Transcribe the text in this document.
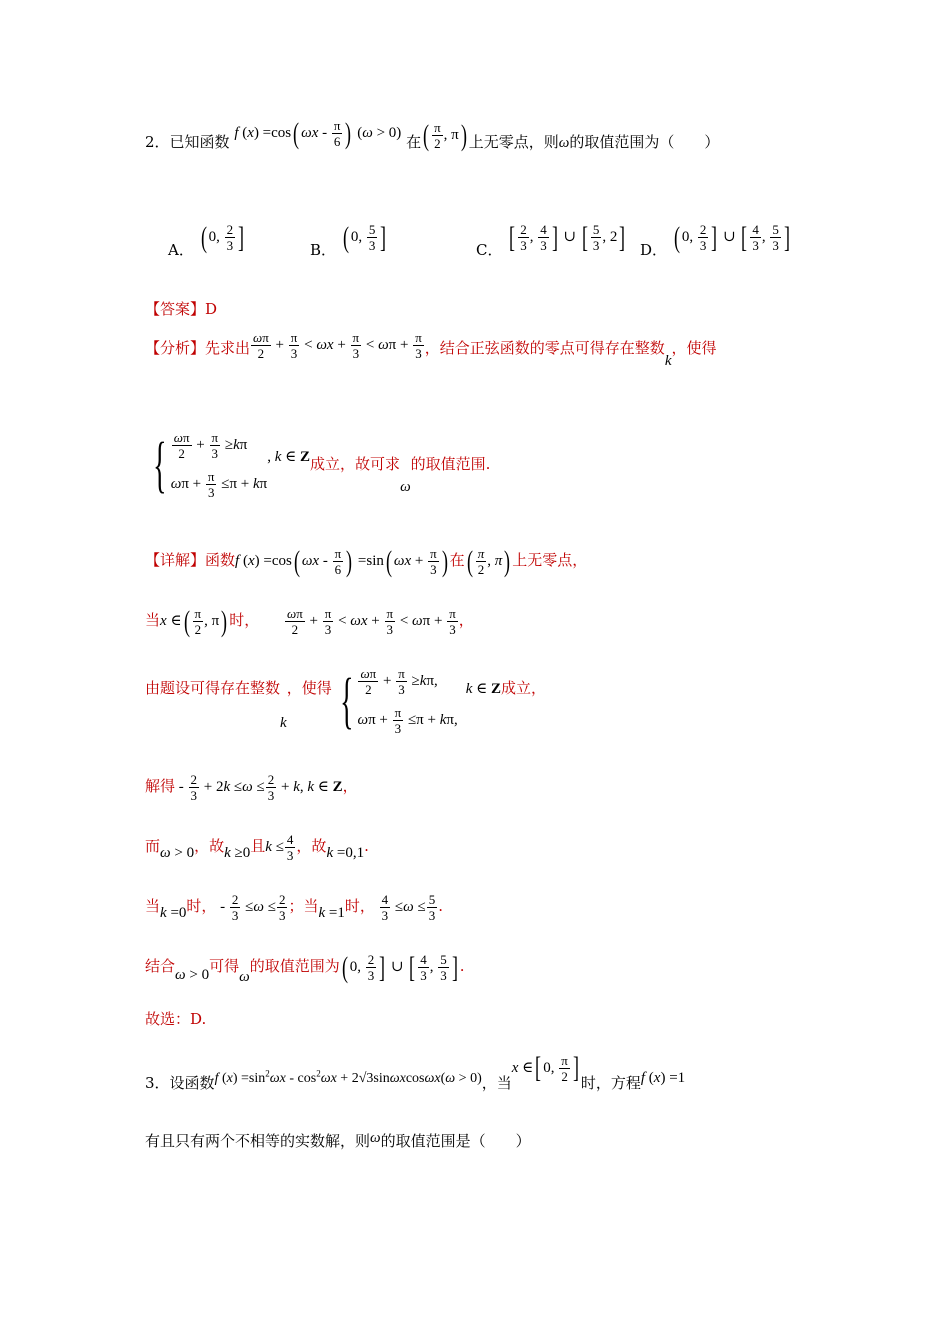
2．已知函数 f (x) =cos( ωx - $\frac{\pi}{6}$ ) (ω > 0) 在( $\frac{\pi}{2}$ , π) 上无零点，则ω的取值范围为（　　）
A． ( 0, $\frac{2}{3}$ ]	B． ( 0, $\frac{5}{3}$ ]	C． [ $\frac{2}{3}$ , $\frac{4}{3}$ ] ∪ [ $\frac{5}{3}$ , 2] D． ( 0, $\frac{2}{3}$ ] ∪ [ $\frac{4}{3}$ , $\frac{5}{3}$ ]
【答案】D
【分析】先求出 $\frac{\omega\pi}{2} + \frac{\pi}{3} < \omega x + \frac{\pi}{3} < \omega\pi + \frac{\pi}{3}$ ，结合正弦函数的零点可得存在整数k，使得
{ $\frac{\omega\pi}{2} + \frac{\pi}{3} \ge k\pi$
$\omega\pi + \frac{\pi}{3} \le\pi + k\pi$
, k ∈ Z成立，故可求ω的取值范围.
【详解】函数f (x) =cos( ωx - $\frac{\pi}{6}$ ) =sin( $\omega x + \frac{\pi}{3}$ ) 在( $\frac{\pi}{2}$ , π) 上无零点，
当x ∈( $\frac{\pi}{2}$ , π) 时， $\frac{\omega\pi}{2} + \frac{\pi}{3} < \omega x + \frac{\pi}{3} < \omega\pi + \frac{\pi}{3}$ ，
由题设可得存在整数k，使得 { $\frac{\omega\pi}{2} + \frac{\pi}{3} \ge k\pi$,
$\omega\pi + \frac{\pi}{3} \le\pi + k\pi$,
k ∈ Z成立，
解得 - $\frac{2}{3} + 2k \le\omega \le \frac{2}{3} + k$, k ∈ Z，
而ω > 0，故k ≥0且$k \le \frac{4}{3}$ ，故k =0,1.
当k =0时， - $\frac{2}{3} \le\omega \le \frac{2}{3}$ ；当k =1时， $\frac{4}{3} \le\omega \le \frac{5}{3}$ .
结合ω > 0可得ω的取值范围为( 0, $\frac{2}{3}$ ] ∪ [ $\frac{4}{3}$ , $\frac{5}{3}$ ] .
故选：D.
3．设函数f $(x) =\sin^2\omega x - \cos^2\omega x + 2√3\sin\omega xcos\omega x(\omega > 0)$，当x ∈[ 0, $\frac{\pi}{2}$ ] 时，方程f (x) =1
有且只有两个不相等的实数解，则ω的取值范围是（　　）
